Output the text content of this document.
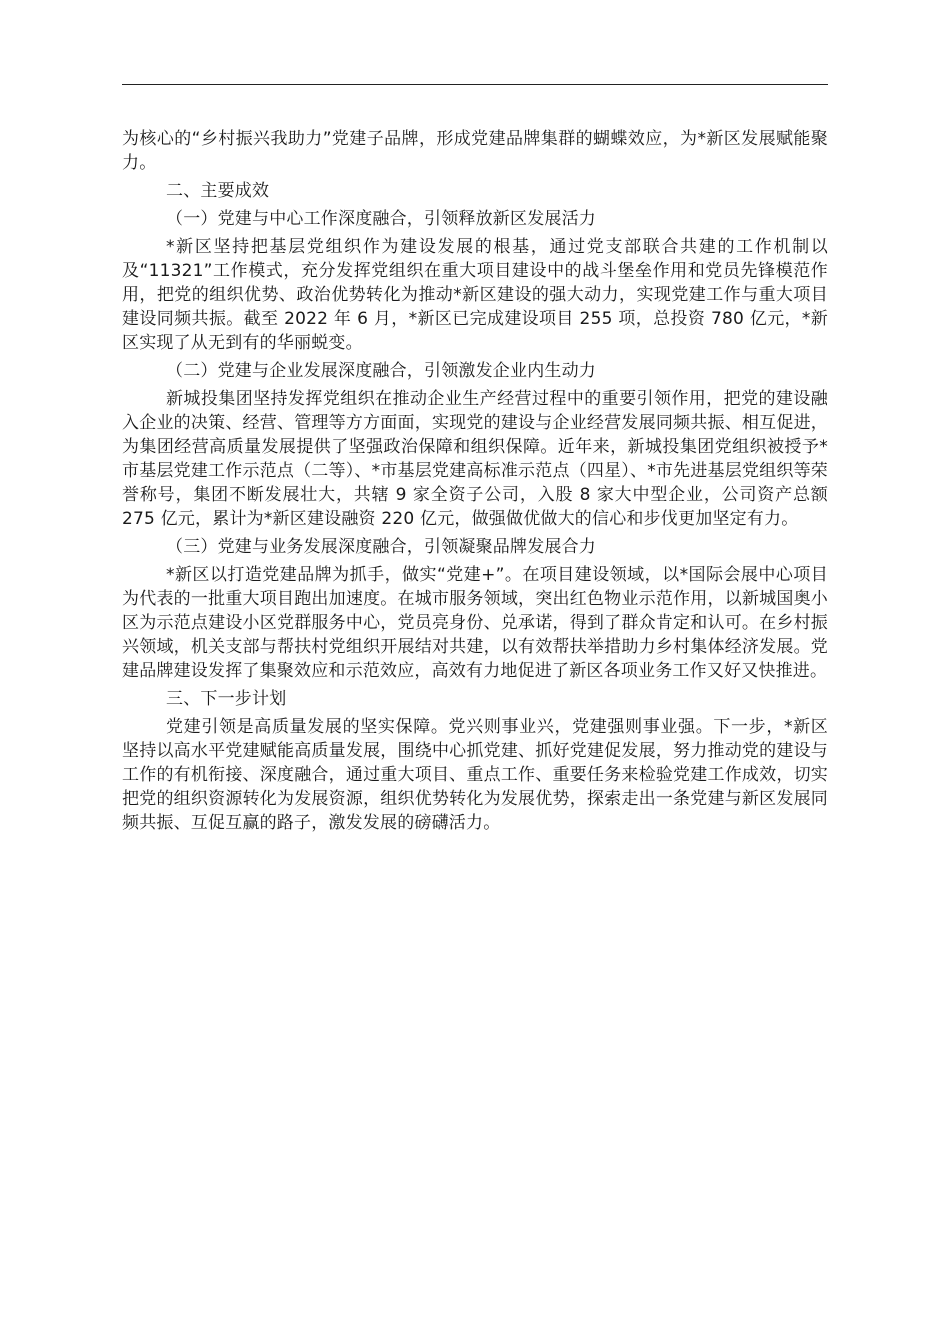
为核心的“乡村振兴我助力”党建子品牌，形成党建品牌集群的蝴蝶效应，为*新区发展赋能聚力。

二、主要成效

（一）党建与中心工作深度融合，引领释放新区发展活力

*新区坚持把基层党组织作为建设发展的根基，通过党支部联合共建的工作机制以及“11321”工作模式，充分发挥党组织在重大项目建设中的战斗堡垒作用和党员先锋模范作用，把党的组织优势、政治优势转化为推动*新区建设的强大动力，实现党建工作与重大项目建设同频共振。截至 2022 年 6 月，*新区已完成建设项目 255 项，总投资 780 亿元，*新区实现了从无到有的华丽蜕变。

（二）党建与企业发展深度融合，引领激发企业内生动力

新城投集团坚持发挥党组织在推动企业生产经营过程中的重要引领作用，把党的建设融入企业的决策、经营、管理等方方面面，实现党的建设与企业经营发展同频共振、相互促进，为集团经营高质量发展提供了坚强政治保障和组织保障。近年来，新城投集团党组织被授予*市基层党建工作示范点（二等）、*市基层党建高标准示范点（四星）、*市先进基层党组织等荣誉称号，集团不断发展壮大，共辖 9 家全资子公司，入股 8 家大中型企业，公司资产总额 275 亿元，累计为*新区建设融资 220 亿元，做强做优做大的信心和步伐更加坚定有力。

（三）党建与业务发展深度融合，引领凝聚品牌发展合力

*新区以打造党建品牌为抓手，做实“党建+”。在项目建设领域，以*国际会展中心项目为代表的一批重大项目跑出加速度。在城市服务领域，突出红色物业示范作用，以新城国奥小区为示范点建设小区党群服务中心，党员亮身份、兑承诺，得到了群众肯定和认可。在乡村振兴领域，机关支部与帮扶村党组织开展结对共建，以有效帮扶举措助力乡村集体经济发展。党建品牌建设发挥了集聚效应和示范效应，高效有力地促进了新区各项业务工作又好又快推进。

三、下一步计划

党建引领是高质量发展的坚实保障。党兴则事业兴，党建强则事业强。下一步，*新区坚持以高水平党建赋能高质量发展，围绕中心抓党建、抓好党建促发展，努力推动党的建设与工作的有机衔接、深度融合，通过重大项目、重点工作、重要任务来检验党建工作成效，切实把党的组织资源转化为发展资源，组织优势转化为发展优势，探索走出一条党建与新区发展同频共振、互促互赢的路子，激发发展的磅礴活力。
